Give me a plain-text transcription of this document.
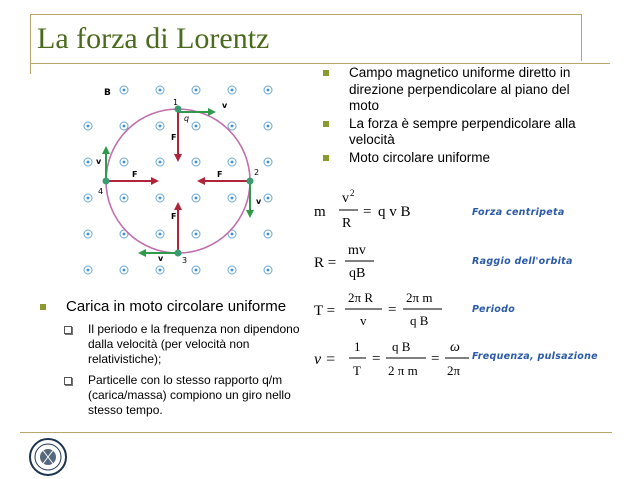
La forza di Lorentz
Campo magnetico uniforme diretto in direzione perpendicolare al piano del moto
La forza è sempre perpendicolare alla velocità
Moto circolare uniforme
B
1
q
2
3
4
v
v
v
v
F
F
F
F
Carica in moto circolare uniforme
Il periodo e la frequenza non dipendono dalla velocità (per velocità non relativistiche);
Particelle con lo stesso rapporto q/m (carica/massa) compiono un giro nello stesso tempo.
m
v 2
R
= q v B	Forza centripeta
R =
mv
qB
Raggio dell'orbita
T =
2π R
v
=
2π m
q B
Periodo
ν =
1
T
=
q B
2 π m
=
ω
2π
Frequenza, pulsazione
